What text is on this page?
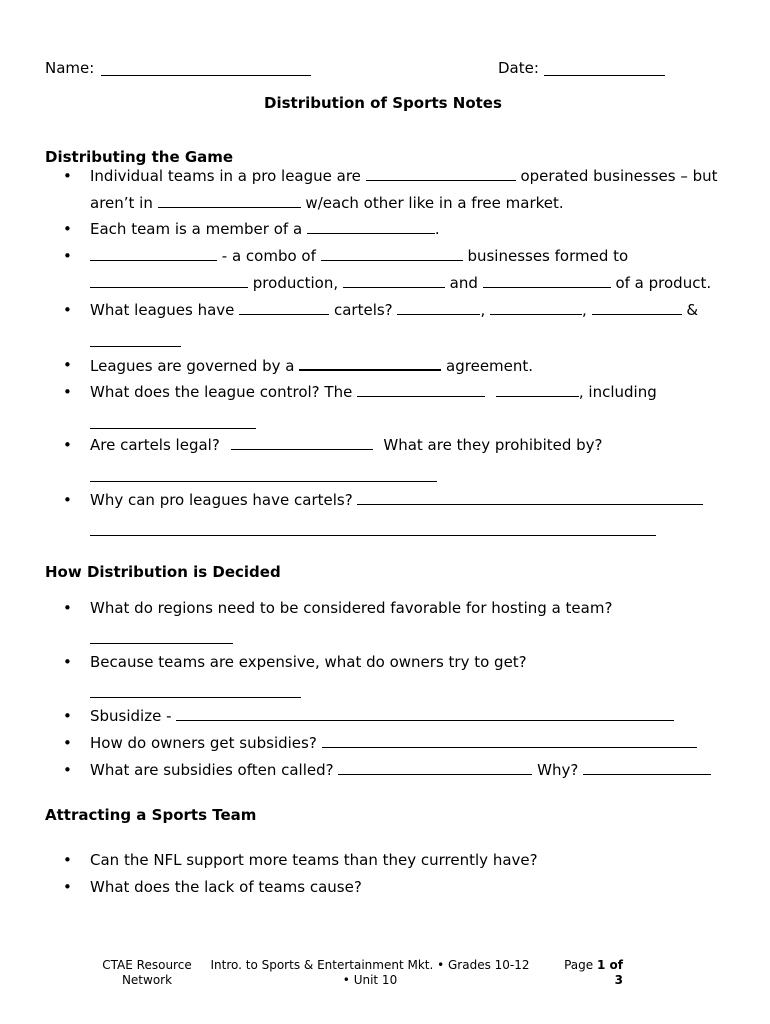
Name:	Date:
Distribution of Sports Notes
Distributing the Game
• Individual teams in a pro league are	operated businesses – but
aren’t in	w/each other like in a free market.
• Each team is a member of a	.
•	- a combo of	businesses formed to
production,	and	of a product.
• What leagues have	cartels?	,	,	&
• Leagues are governed by a	agreement.
• What does the league control? The	, including
• Are cartels legal?	What are they prohibited by?
• Why can pro leagues have cartels?
How Distribution is Decided
• What do regions need to be considered favorable for hosting a team?
• Because teams are expensive, what do owners try to get?
• Sbusidize -
• How do owners get subsidies?
• What are subsidies often called?	Why?
Attracting a Sports Team
• Can the NFL support more teams than they currently have?
• What does the lack of teams cause?
CTAE Resource
Network
Intro. to Sports & Entertainment Mkt. • Grades 10-12
• Unit 10
Page 1 of
3
